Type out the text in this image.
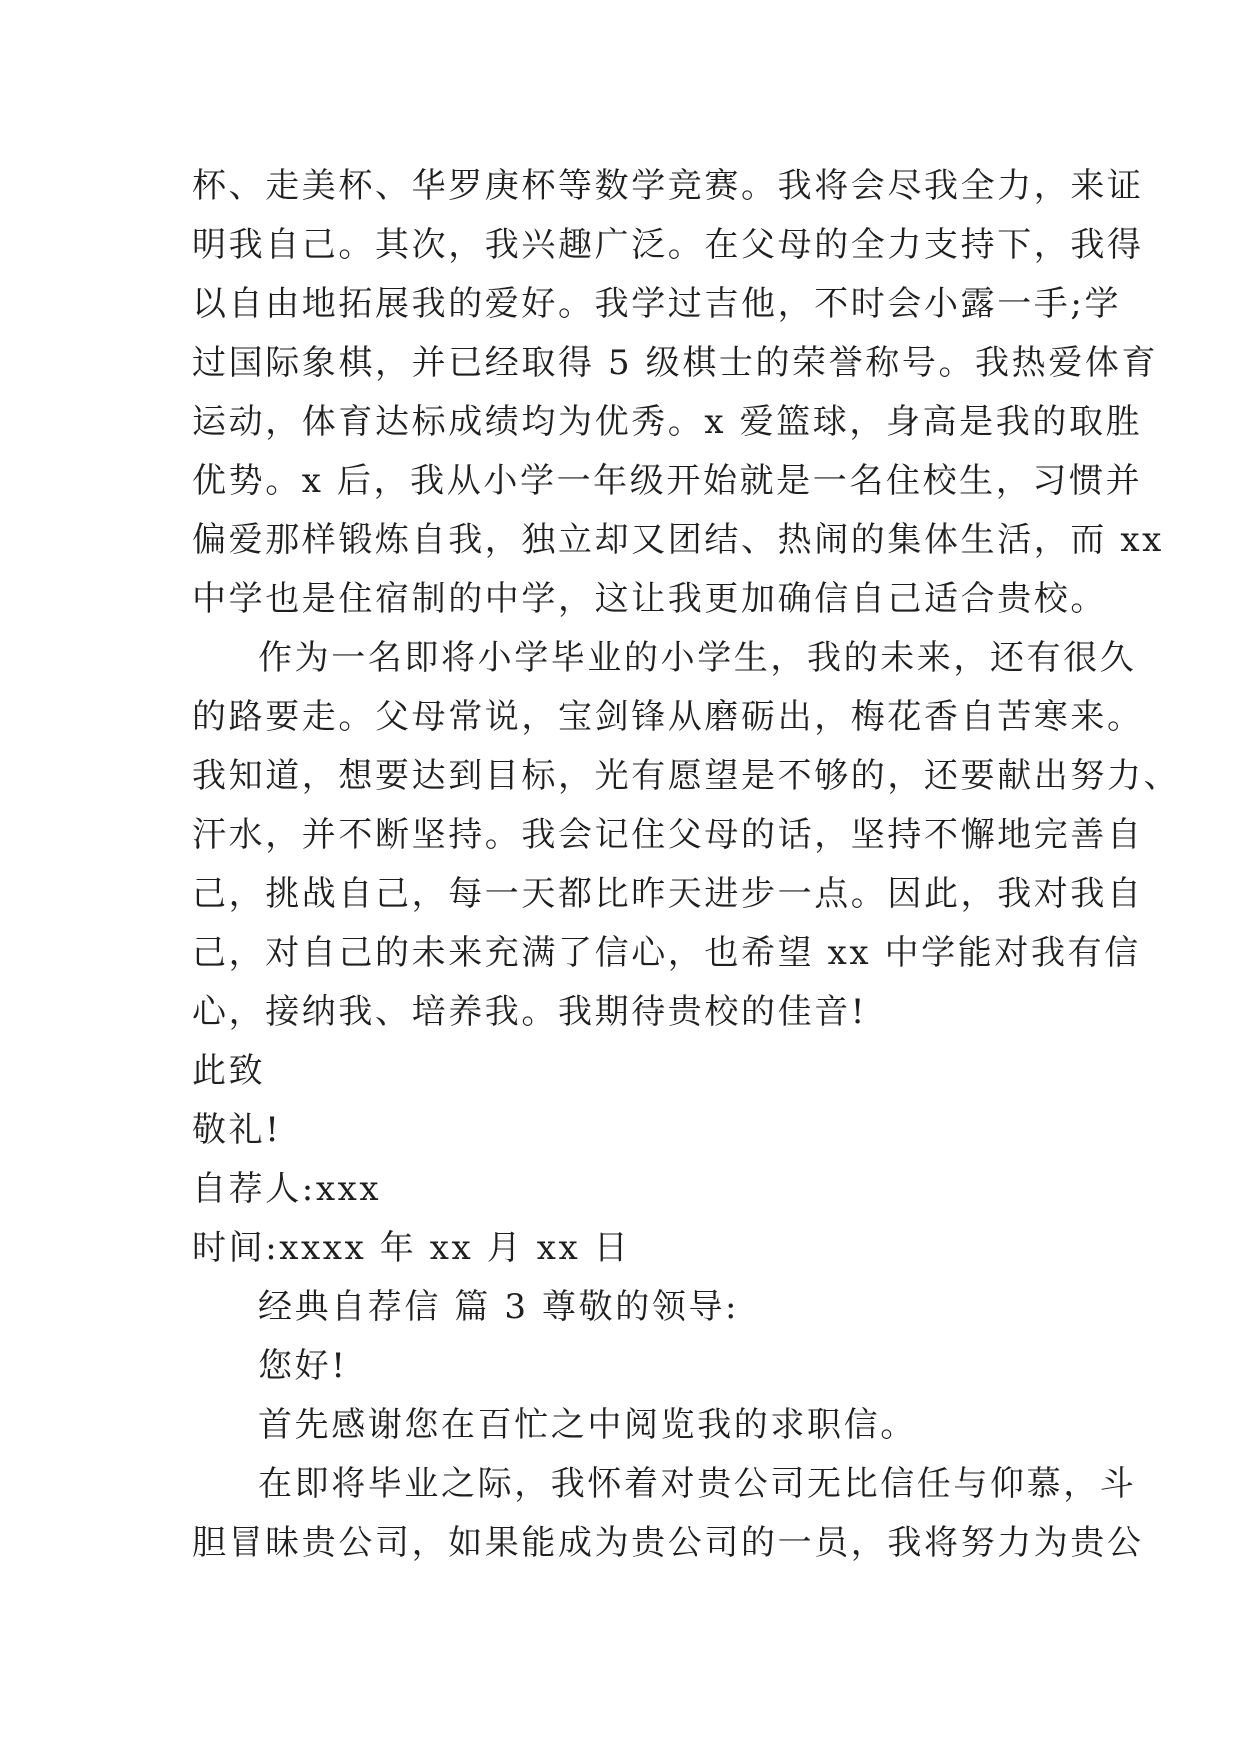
杯、走美杯、华罗庚杯等数学竞赛。我将会尽我全力，来证
明我自己。其次，我兴趣广泛。在父母的全力支持下，我得
以自由地拓展我的爱好。我学过吉他，不时会小露一手;学
过国际象棋，并已经取得 5 级棋士的荣誉称号。我热爱体育
运动，体育达标成绩均为优秀。x 爱篮球，身高是我的取胜
优势。x 后，我从小学一年级开始就是一名住校生，习惯并
偏爱那样锻炼自我，独立却又团结、热闹的集体生活，而 xx
中学也是住宿制的中学，这让我更加确信自己适合贵校。
作为一名即将小学毕业的小学生，我的未来，还有很久
的路要走。父母常说，宝剑锋从磨砺出，梅花香自苦寒来。
我知道，想要达到目标，光有愿望是不够的，还要献出努力、
汗水，并不断坚持。我会记住父母的话，坚持不懈地完善自
己，挑战自己，每一天都比昨天进步一点。因此，我对我自
己，对自己的未来充满了信心，也希望 xx 中学能对我有信
心，接纳我、培养我。我期待贵校的佳音!
此致
敬礼!
自荐人:xxx
时间:xxxx 年 xx 月 xx 日
经典自荐信 篇 3 尊敬的领导:
您好!
首先感谢您在百忙之中阅览我的求职信。
在即将毕业之际，我怀着对贵公司无比信任与仰慕，斗
胆冒昧贵公司，如果能成为贵公司的一员，我将努力为贵公
